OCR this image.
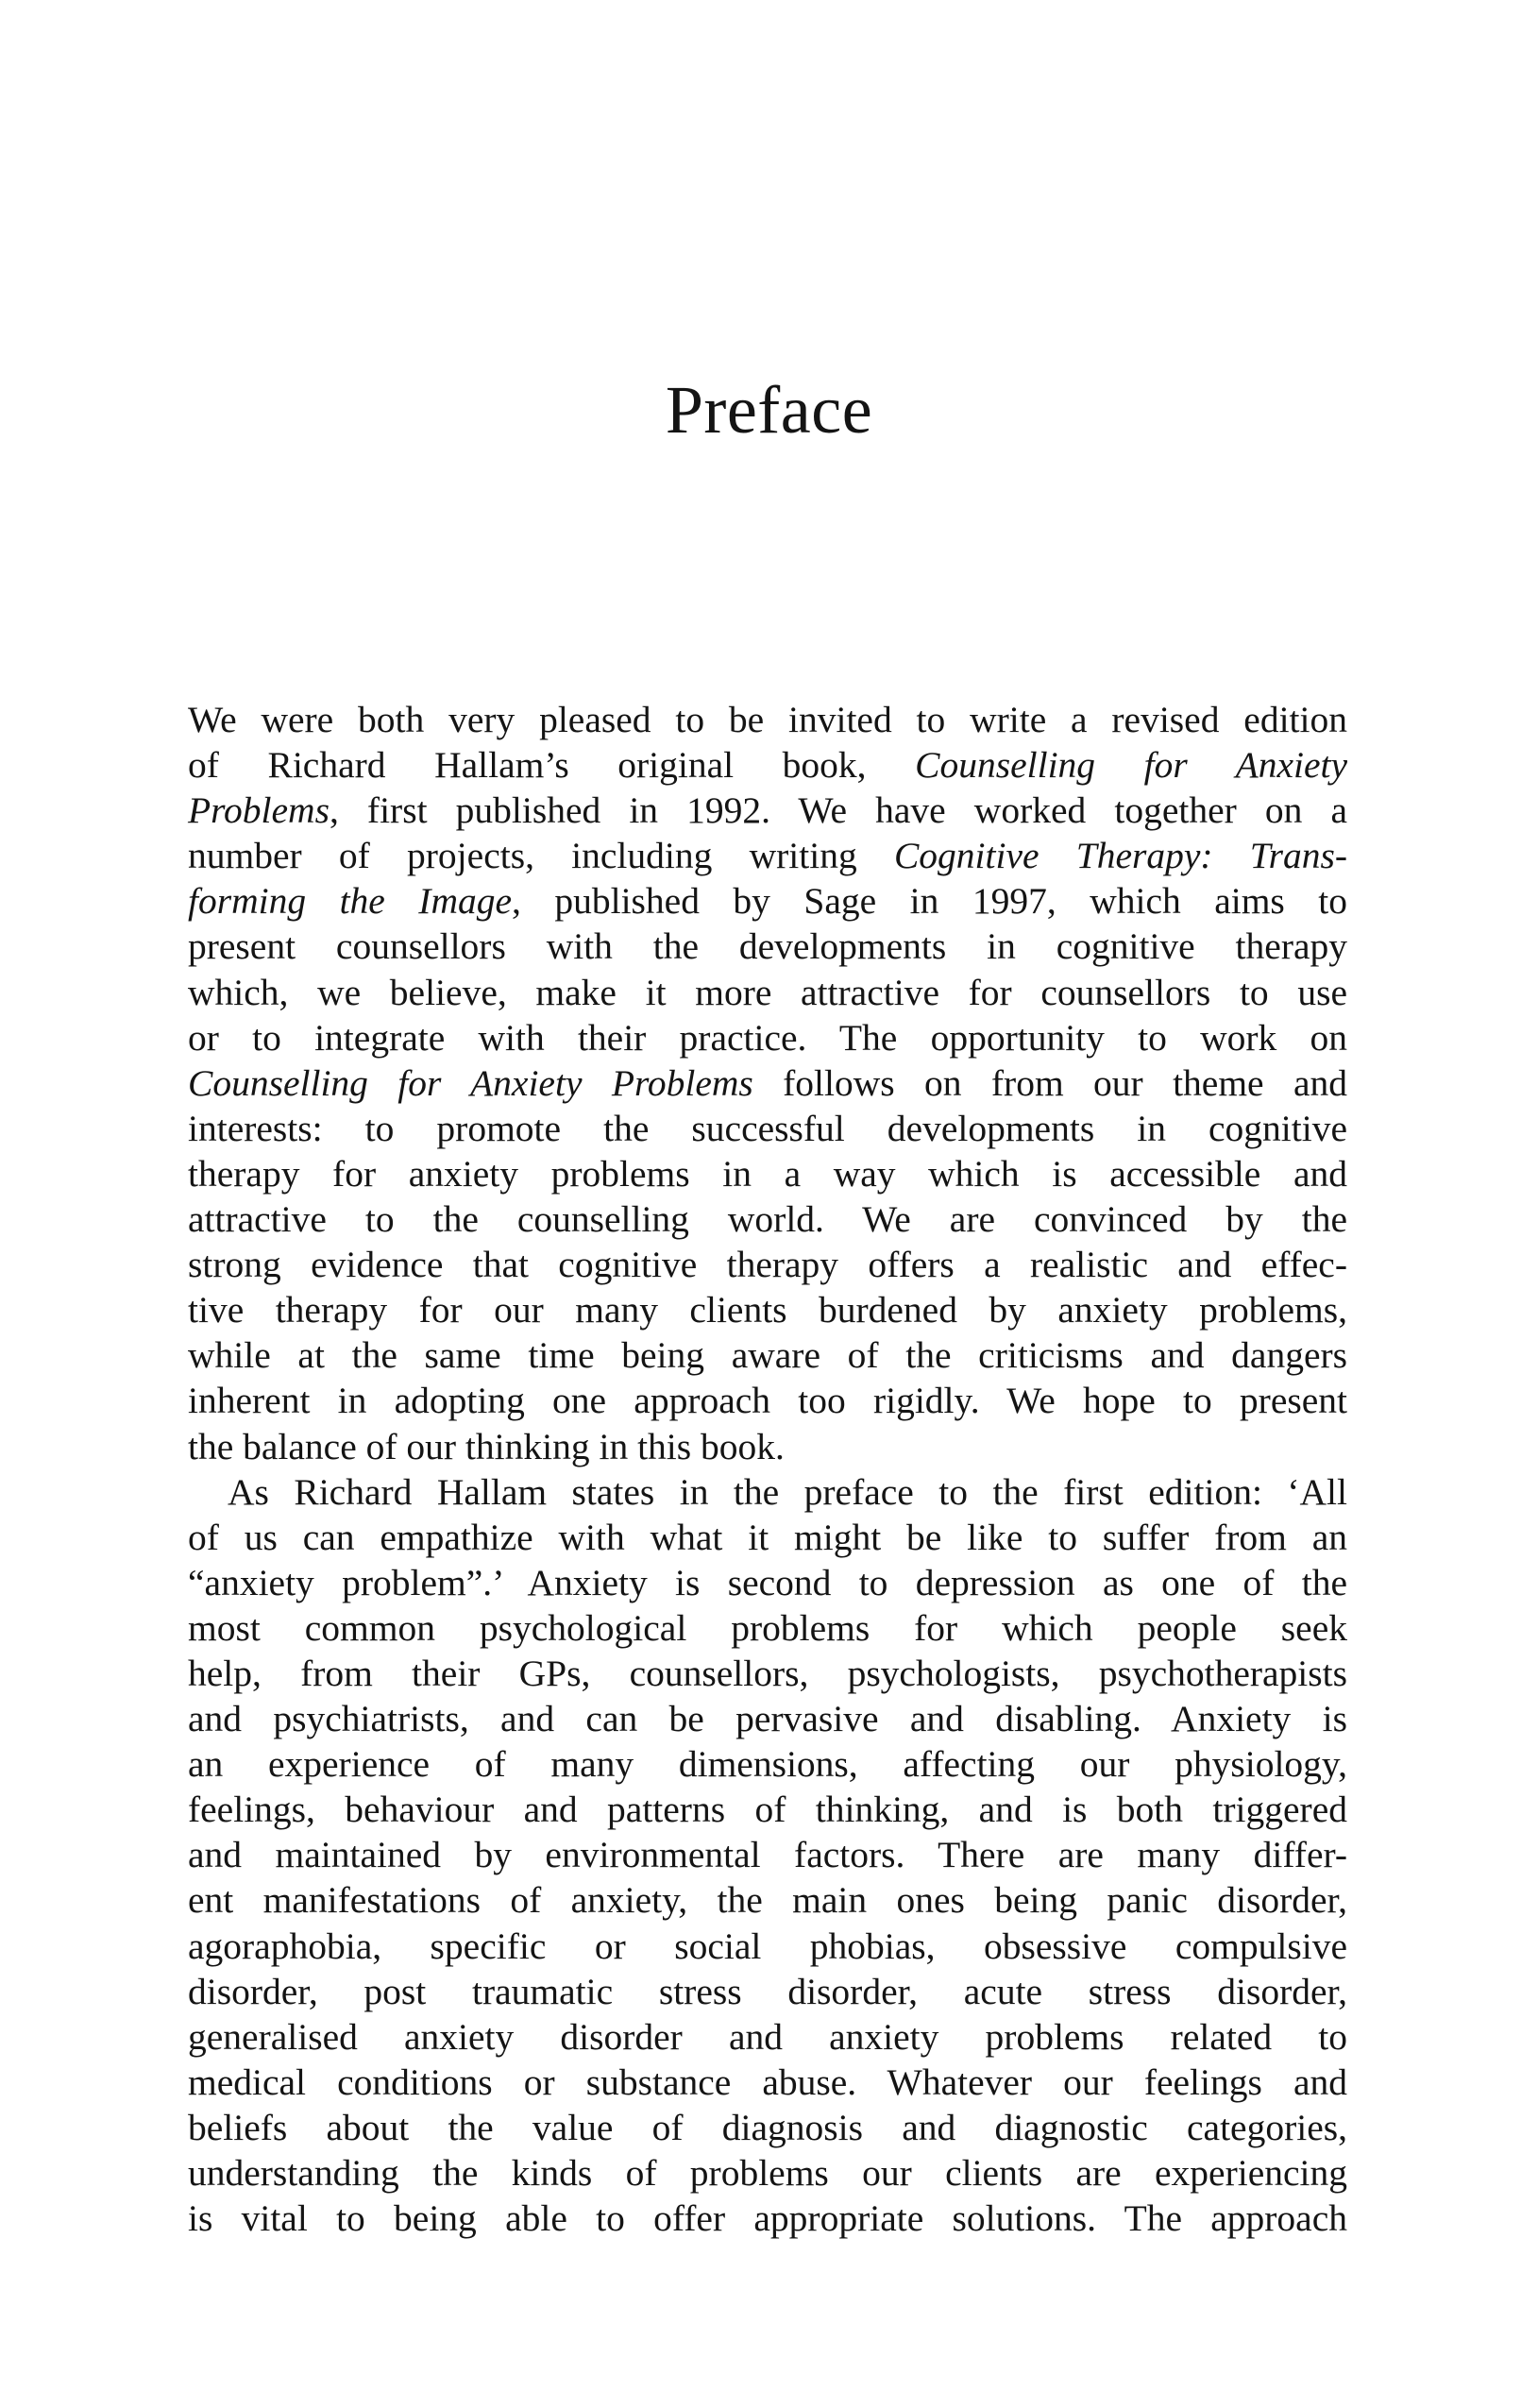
Preface

We were both very pleased to be invited to write a revised edition
of Richard Hallam’s original book, Counselling for Anxiety
Problems, first published in 1992. We have worked together on a
number of projects, including writing Cognitive Therapy: Trans-
forming the Image, published by Sage in 1997, which aims to
present counsellors with the developments in cognitive therapy
which, we believe, make it more attractive for counsellors to use
or to integrate with their practice. The opportunity to work on
Counselling for Anxiety Problems follows on from our theme and
interests: to promote the successful developments in cognitive
therapy for anxiety problems in a way which is accessible and
attractive to the counselling world. We are convinced by the
strong evidence that cognitive therapy offers a realistic and effec-
tive therapy for our many clients burdened by anxiety problems,
while at the same time being aware of the criticisms and dangers
inherent in adopting one approach too rigidly. We hope to present
the balance of our thinking in this book.

As Richard Hallam states in the preface to the first edition: ‘All
of us can empathize with what it might be like to suffer from an
“anxiety problem”.’ Anxiety is second to depression as one of the
most common psychological problems for which people seek
help, from their GPs, counsellors, psychologists, psychotherapists
and psychiatrists, and can be pervasive and disabling. Anxiety is
an experience of many dimensions, affecting our physiology,
feelings, behaviour and patterns of thinking, and is both triggered
and maintained by environmental factors. There are many differ-
ent manifestations of anxiety, the main ones being panic disorder,
agoraphobia, specific or social phobias, obsessive compulsive
disorder, post traumatic stress disorder, acute stress disorder,
generalised anxiety disorder and anxiety problems related to
medical conditions or substance abuse. Whatever our feelings and
beliefs about the value of diagnosis and diagnostic categories,
understanding the kinds of problems our clients are experiencing
is vital to being able to offer appropriate solutions. The approach
